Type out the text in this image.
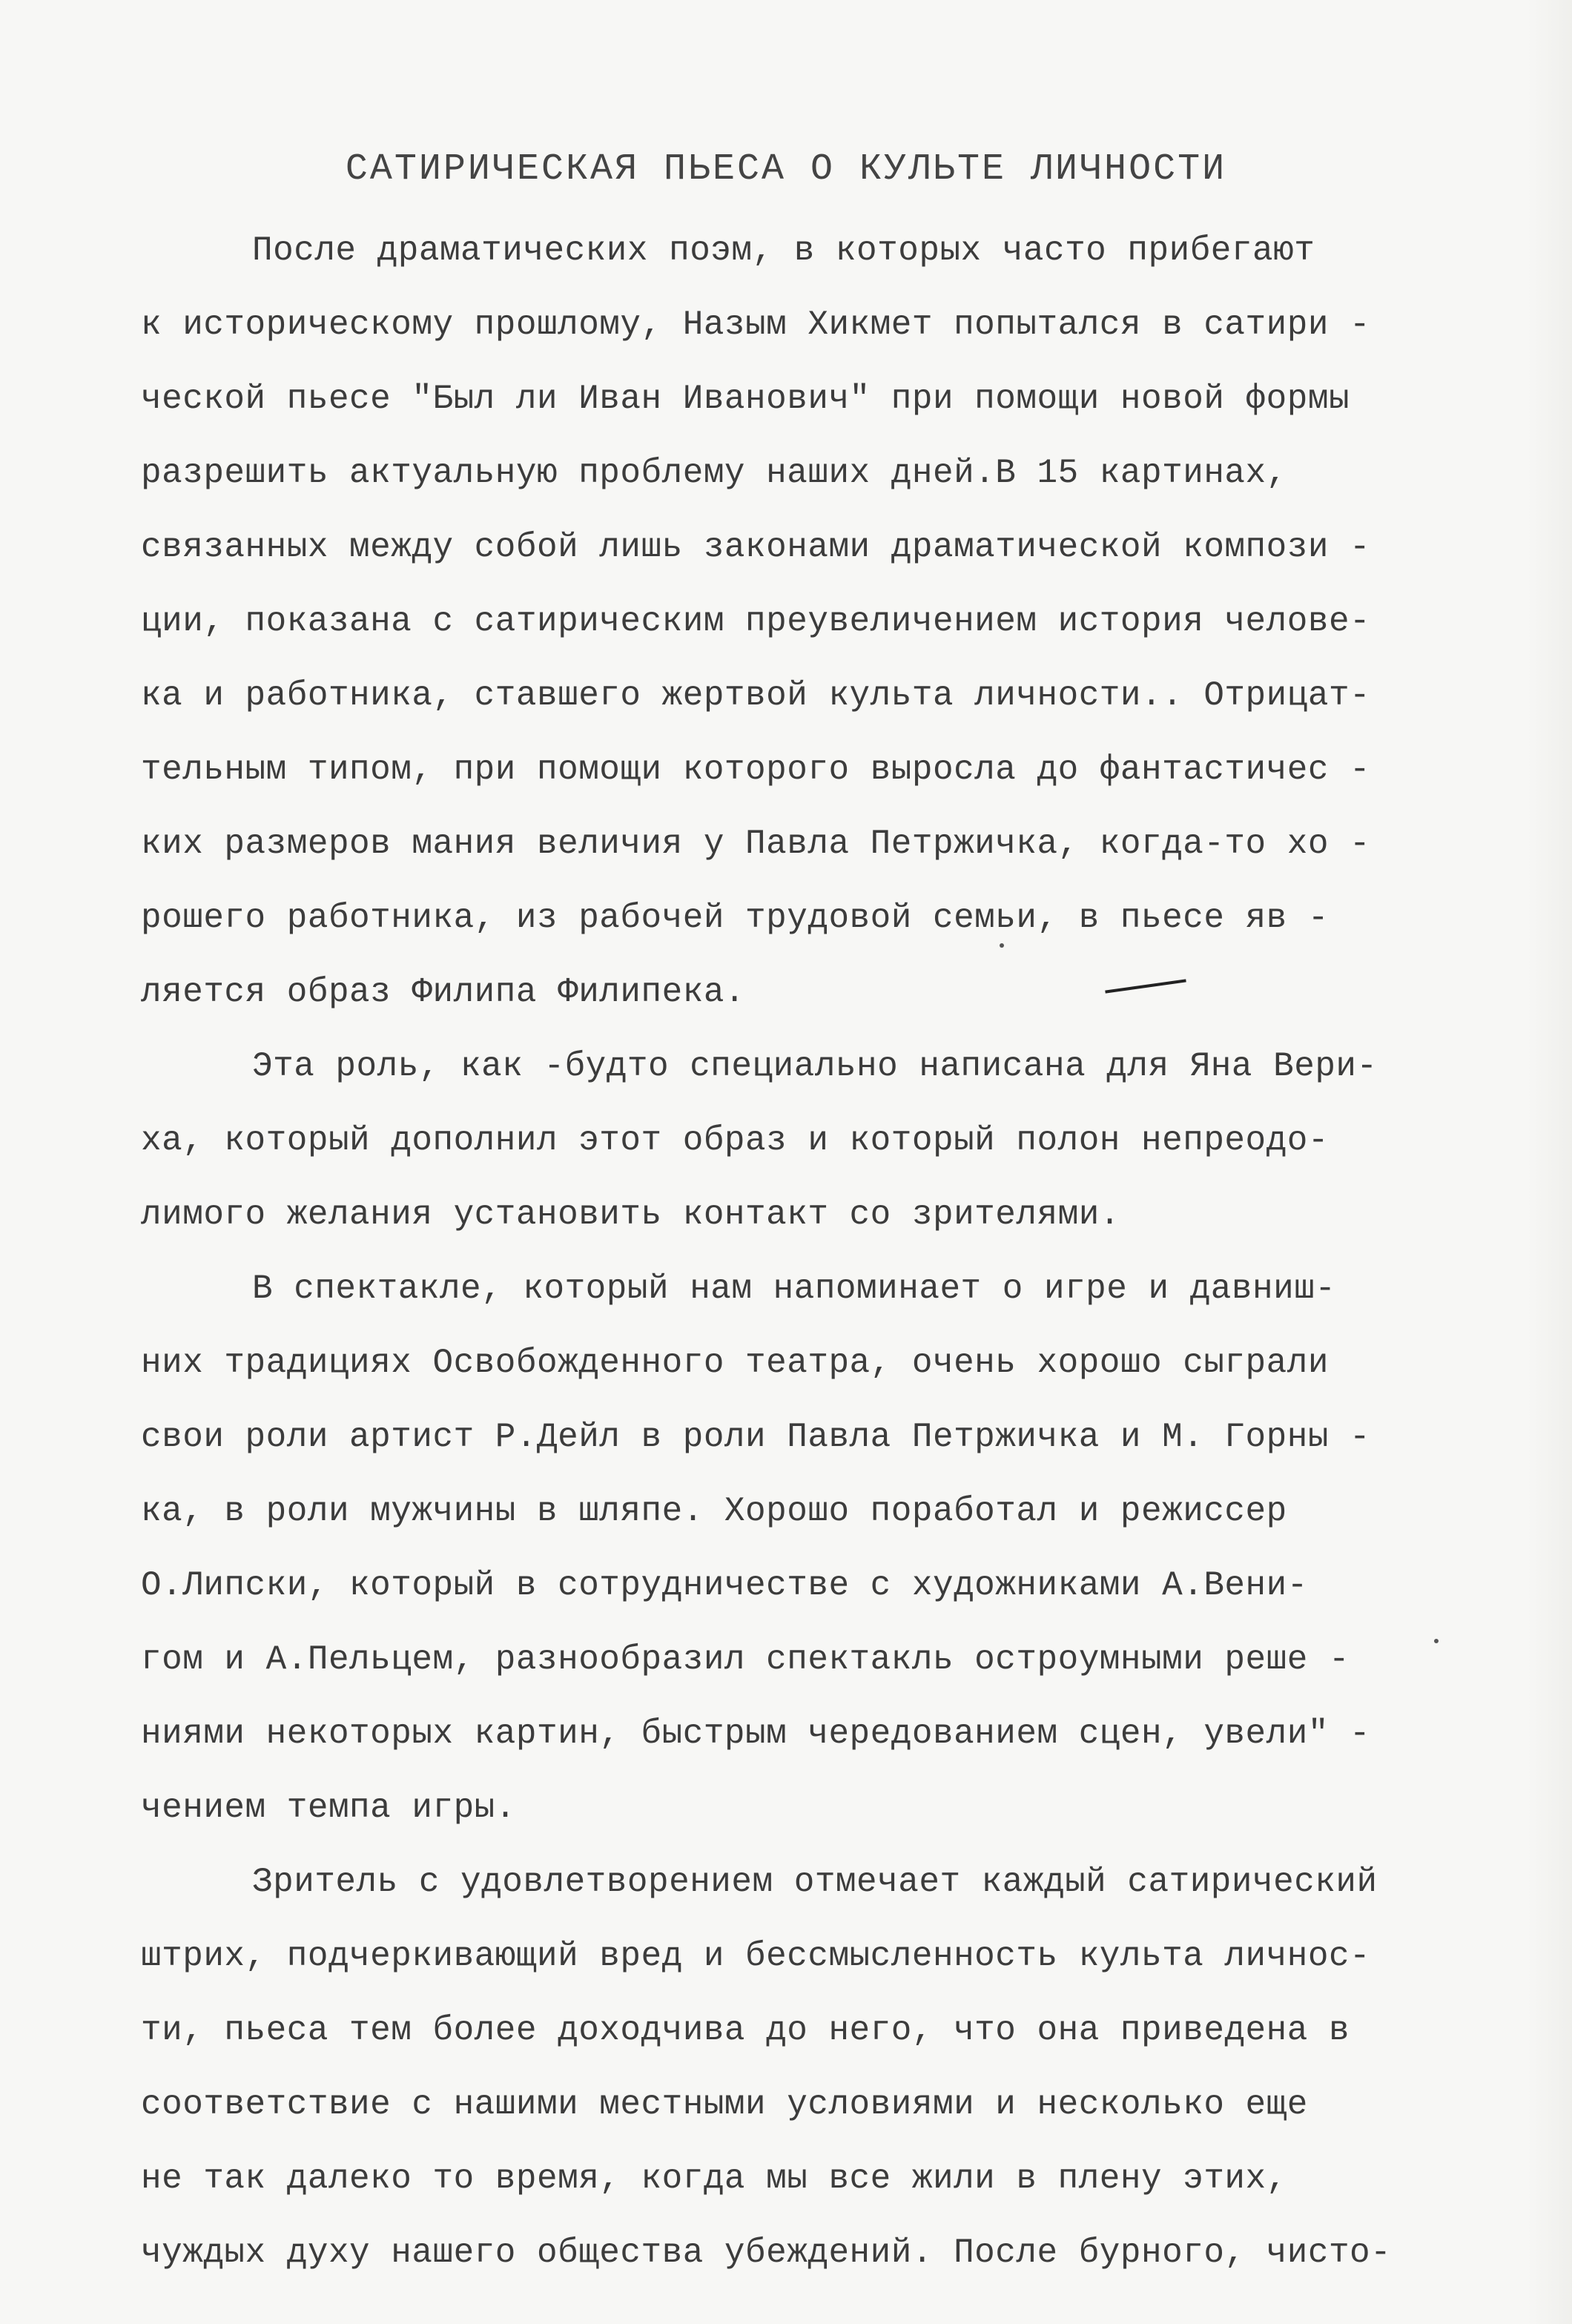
САТИРИЧЕСКАЯ ПЬЕСА О КУЛЬТЕ ЛИЧНОСТИ
После драматических поэм, в которых часто прибегают
к историческому прошлому, Назым Хикмет попытался в сатири -
ческой пьесе "Был ли Иван Иванович" при помощи новой формы
разрешить актуальную проблему наших дней.В 15 картинах,
связанных между собой лишь законами драматической компози -
ции, показана с сатирическим преувеличением история челове-
ка и работника, ставшего жертвой культа личности.. Отрицат-
тельным типом, при помощи которого выросла до фантастичес -
ких размеров мания величия у Павла Петржичка, когда-то хо -
рошего работника, из рабочей трудовой семьи, в пьесе яв -
ляется образ Филипа Филипека.
Эта роль, как -будто специально написана для Яна Вери-
ха, который дополнил этот образ и который полон непреодо-
лимого желания установить контакт со зрителями.
В спектакле, который нам напоминает о игре и давниш-
них традициях Освобожденного театра, очень хорошо сыграли
свои роли артист Р.Дейл в роли Павла Петржичка и М. Горны -
ка, в роли мужчины в шляпе. Хорошо поработал и режиссер
О.Липски, который в сотрудничестве с художниками А.Вени-
гом и А.Пельцем, разнообразил спектакль остроумными реше -
ниями некоторых картин, быстрым чередованием сцен, увели" -
чением темпа игры.
Зритель с удовлетворением отмечает каждый сатирический
штрих, подчеркивающий вред и бессмысленность культа личнос-
ти, пьеса тем более доходчива до него, что она приведена в
соответствие с нашими местными условиями и несколько еще
не так далеко то время, когда мы все жили в плену этих,
чуждых духу нашего общества убеждений. После бурного, чисто-
